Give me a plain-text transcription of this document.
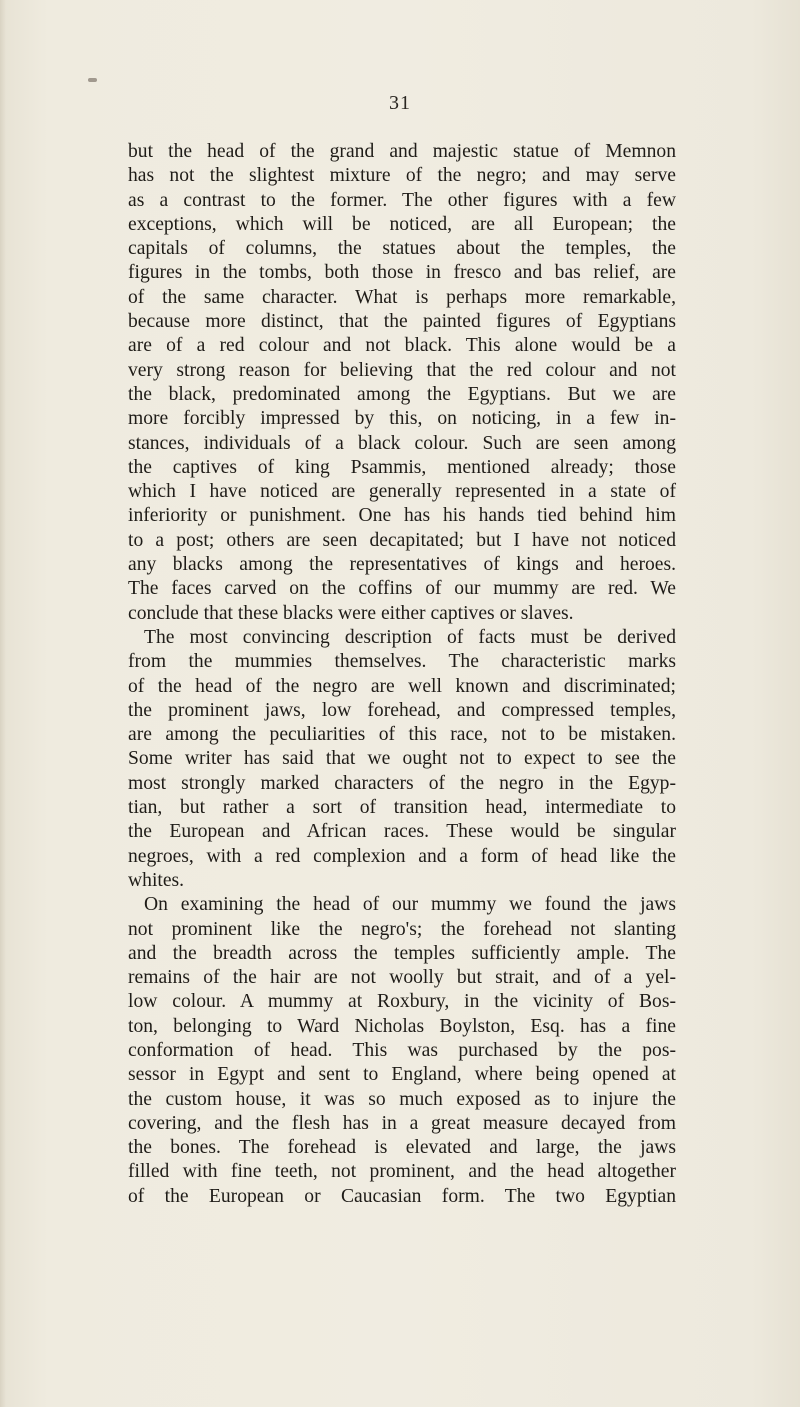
31
but the head of the grand and majestic statue of Memnon
has not the slightest mixture of the negro; and may serve
as a contrast to the former. The other figures with a few
exceptions, which will be noticed, are all European; the
capitals of columns, the statues about the temples, the
figures in the tombs, both those in fresco and bas relief, are
of the same character. What is perhaps more remarkable,
because more distinct, that the painted figures of Egyptians
are of a red colour and not black. This alone would be a
very strong reason for believing that the red colour and not
the black, predominated among the Egyptians. But we are
more forcibly impressed by this, on noticing, in a few in-
stances, individuals of a black colour. Such are seen among
the captives of king Psammis, mentioned already; those
which I have noticed are generally represented in a state of
inferiority or punishment. One has his hands tied behind him
to a post; others are seen decapitated; but I have not noticed
any blacks among the representatives of kings and heroes.
The faces carved on the coffins of our mummy are red. We
conclude that these blacks were either captives or slaves.
The most convincing description of facts must be derived
from the mummies themselves. The characteristic marks
of the head of the negro are well known and discriminated;
the prominent jaws, low forehead, and compressed temples,
are among the peculiarities of this race, not to be mistaken.
Some writer has said that we ought not to expect to see the
most strongly marked characters of the negro in the Egyp-
tian, but rather a sort of transition head, intermediate to
the European and African races. These would be singular
negroes, with a red complexion and a form of head like the
whites.
On examining the head of our mummy we found the jaws
not prominent like the negro's; the forehead not slanting
and the breadth across the temples sufficiently ample. The
remains of the hair are not woolly but strait, and of a yel-
low colour. A mummy at Roxbury, in the vicinity of Bos-
ton, belonging to Ward Nicholas Boylston, Esq. has a fine
conformation of head. This was purchased by the pos-
sessor in Egypt and sent to England, where being opened at
the custom house, it was so much exposed as to injure the
covering, and the flesh has in a great measure decayed from
the bones. The forehead is elevated and large, the jaws
filled with fine teeth, not prominent, and the head altogether
of the European or Caucasian form. The two Egyptian
